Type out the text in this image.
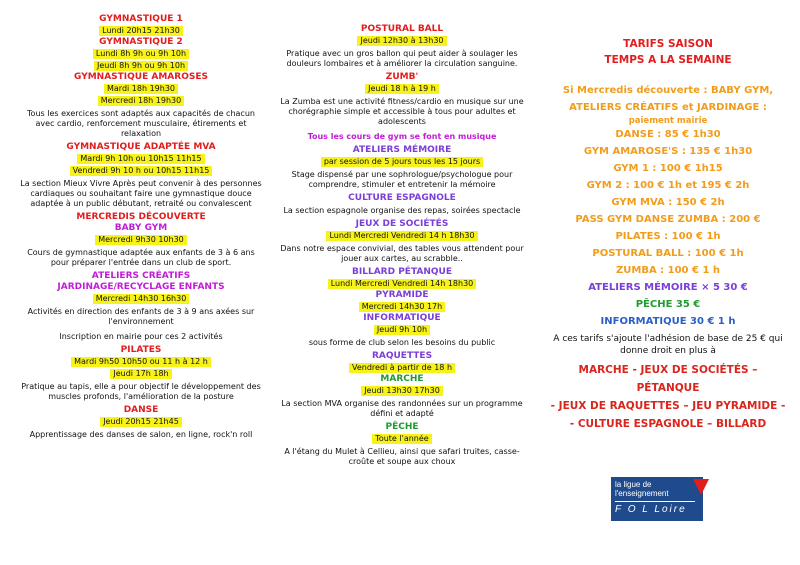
GYMNASTIQUE 1
Lundi 20h15 21h30
GYMNASTIQUE 2
Lundi 8h 9h ou 9h 10h
Jeudi 8h 9h ou 9h 10h
GYMNASTIQUE AMAROSES
Mardi 18h 19h30
Mercredi 18h 19h30
Tous les exercices sont adaptés aux capacités de chacun avec cardio, renforcement musculaire, étirements et relaxation
GYMNASTIQUE ADAPTÉE MVA
Mardi 9h 10h ou 10h15 11h15
Vendredi 9h 10 h ou 10h15 11h15
La section Mieux Vivre Après peut convenir à des personnes cardiaques ou souhaitant faire une gymnastique douce adaptée à un public débutant, retraité ou convalescent
MERCREDIS DÉCOUVERTE
BABY GYM
Mercredi 9h30 10h30
Cours de gymnastique adaptée aux enfants de 3 à 6 ans pour préparer l'entrée dans un club de sport.
ATELIERS CRÉATIFS
JARDINAGE/RECYCLAGE ENFANTS
Mercredi 14h30 16h30
Activités en direction des enfants de 3 à 9 ans axées sur l'environnement
Inscription en mairie pour ces 2 activités
PILATES
Mardi 9h50 10h50 ou 11 h à 12 h
Jeudi 17h 18h
Pratique au tapis, elle a pour objectif le développement des muscles profonds, l'amélioration de la posture
DANSE
Jeudi 20h15 21h45
Apprentissage des danses de salon, en ligne, rock'n roll
POSTURAL BALL
Jeudi 12h30 à 13h30
Pratique avec un gros ballon qui peut aider à soulager les douleurs lombaires et à améliorer la circulation sanguine.
ZUMB'
Jeudi 18 h à 19 h
La Zumba est une activité fitness/cardio en musique sur une chorégraphie simple et accessible à tous pour adultes et adolescents
Tous les cours de gym se font en musique
ATELIERS MÉMOIRE
par session de 5 jours tous les 15 jours
Stage dispensé par une sophrologue/psychologue pour comprendre, stimuler et entretenir la mémoire
CULTURE ESPAGNOLE
La section espagnole organise des repas, soirées spectacle
JEUX DE SOCIÉTÉS
Lundi Mercredi Vendredi 14 h 18h30
Dans notre espace convivial, des tables vous attendent pour jouer aux cartes, au scrabble..
BILLARD PÉTANQUE
Lundi Mercredi Vendredi 14h 18h30
PYRAMIDE
Mercredi 14h30 17h
INFORMATIQUE
Jeudi 9h 10h
sous forme de club selon les besoins du public
RAQUETTES
Vendredi à partir de 18 h
MARCHE
Jeudi 13h30 17h30
La section MVA organise des randonnées sur un programme défini et adapté
PÊCHE
Toute l'année
A l'étang du Mulet à Cellieu, ainsi que safari truites, casse-croûte et soupe aux choux
TARIFS SAISON
TEMPS A LA SEMAINE
Si Mercredis découverte : BABY GYM,
ATELIERS CRÉATIFS et JARDINAGE :
paiement mairie
DANSE : 85 € 1h30
GYM AMAROSE'S : 135 € 1h30
GYM 1 : 100 € 1h15
GYM 2 : 100 € 1h et 195 € 2h
GYM MVA : 150 € 2h
PASS GYM DANSE ZUMBA : 200 €
PILATES : 100 € 1h
POSTURAL BALL : 100 € 1h
ZUMBA : 100 € 1 h
ATELIERS MÉMOIRE × 5 30 €
PÊCHE 35 €
INFORMATIQUE 30 € 1 h
A ces tarifs s'ajoute l'adhésion de base de 25 € qui donne droit en plus à
MARCHE - JEUX DE SOCIÉTÉS – PÉTANQUE
- JEUX DE RAQUETTES – JEU PYRAMIDE -
- CULTURE ESPAGNOLE – BILLARD
la ligue de
l'enseignement
F O L Loire
